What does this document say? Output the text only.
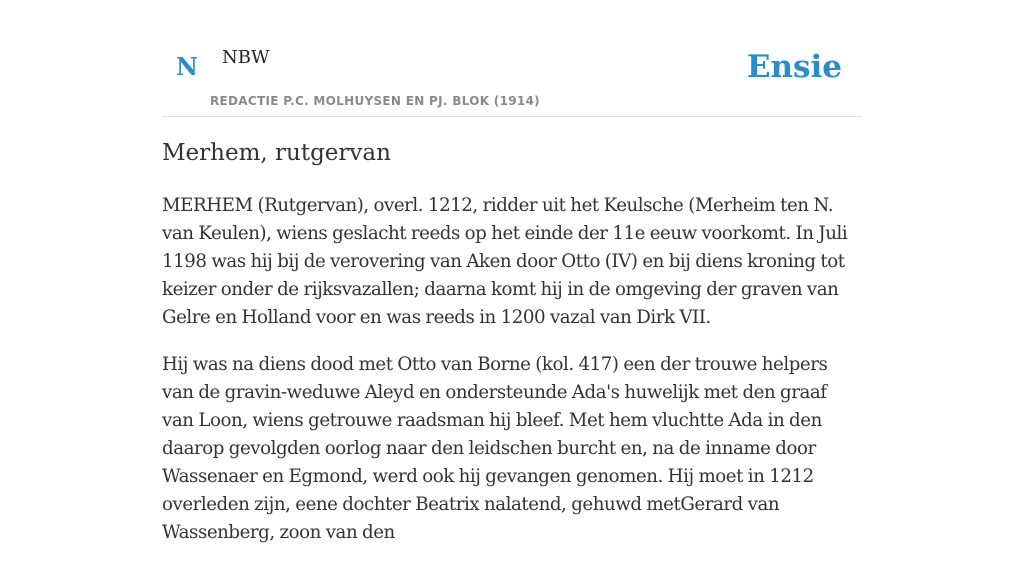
N NBW
REDACTIE P.C. MOLHUYSEN EN PJ. BLOK (1914)
Ensie
Merhem, rutgervan

MERHEM (Rutgervan), overl. 1212, ridder uit het Keulsche (Merheim ten N. van Keulen), wiens geslacht reeds op het einde der 11e eeuw voorkomt. In Juli 1198 was hij bij de verovering van Aken door Otto (IV) en bij diens kroning tot keizer onder de rijksvazallen; daarna komt hij in de omgeving der graven van Gelre en Holland voor en was reeds in 1200 vazal van Dirk VII.

Hij was na diens dood met Otto van Borne (kol. 417) een der trouwe helpers van de gravin-weduwe Aleyd en ondersteunde Ada's huwelijk met den graaf van Loon, wiens getrouwe raadsman hij bleef. Met hem vluchtte Ada in den daarop gevolgden oorlog naar den leidschen burcht en, na de inname door Wassenaer en Egmond, werd ook hij gevangen genomen. Hij moet in 1212 overleden zijn, eene dochter Beatrix nalatend, gehuwd metGerard van Wassenberg, zoon van den
